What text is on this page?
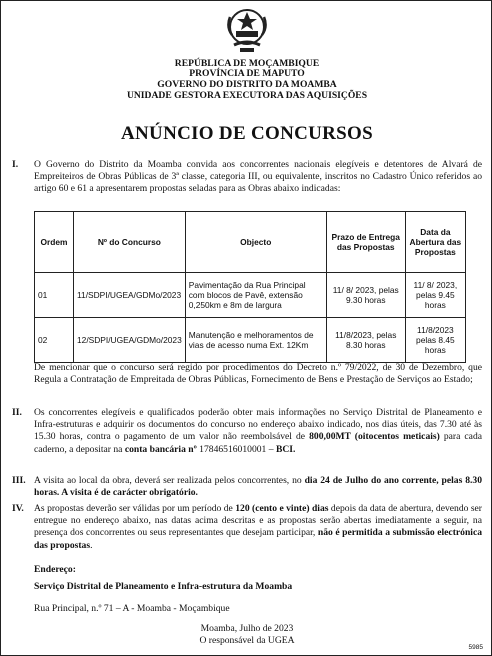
REPÚBLICA DE MOÇAMBIQUE
PROVÍNCIA DE MAPUTO
GOVERNO DO DISTRITO DA MOAMBA
UNIDADE GESTORA EXECUTORA DAS AQUISIÇÕES
ANÚNCIO DE CONCURSOS
I. O Governo do Distrito da Moamba convida aos concorrentes nacionais elegíveis e detentores de Alvará de Empreiteiros de Obras Públicas de 3ª classe, categoria III, ou equivalente, inscritos no Cadastro Único referidos ao artigo 60 e 61 a apresentarem propostas seladas para as Obras abaixo indicadas:
Ordem	Nº do Concurso	Objecto	Prazo de Entrega das Propostas	Data da Abertura das Propostas
01	11/SDPI/UGEA/GDMo/2023	Pavimentação da Rua Principal com blocos de Pavê, extensão 0,250km e 8m de largura	11/ 8/ 2023, pelas 9.30 horas	11/ 8/ 2023, pelas 9.45 horas
02	12/SDPI/UGEA/GDMo/2023	Manutenção e melhoramentos de vias de acesso numa Ext. 12Km	11/8/2023, pelas 8.30 horas	11/8/2023 pelas 8.45 horas
De mencionar que o concurso será regido por procedimentos do Decreto n.º 79/2022, de 30 de Dezembro, que Regula a Contratação de Empreitada de Obras Públicas, Fornecimento de Bens e Prestação de Serviços ao Estado;
II. Os concorrentes elegíveis e qualificados poderão obter mais informações no Serviço Distrital de Planeamento e Infra-estruturas e adquirir os documentos do concurso no endereço abaixo indicado, nos dias úteis, das 7.30 até às 15.30 horas, contra o pagamento de um valor não reembolsável de 800,00MT (oitocentos meticais) para cada caderno, a depositar na conta bancária nº 17846516010001 – BCI.
III. A visita ao local da obra, deverá ser realizada pelos concorrentes, no dia 24 de Julho do ano corrente, pelas 8.30 horas. A visita é de carácter obrigatório.
IV. As propostas deverão ser válidas por um período de 120 (cento e vinte) dias depois da data de abertura, devendo ser entregue no endereço abaixo, nas datas acima descritas e as propostas serão abertas imediatamente a seguir, na presença dos concorrentes ou seus representantes que desejam participar, não é permitida a submissão electrónica das propostas.
Endereço:
Serviço Distrital de Planeamento e Infra-estrutura da Moamba
Rua Principal, n.º 71 – A - Moamba - Moçambique
Moamba, Julho de 2023
O responsável da UGEA
5985
